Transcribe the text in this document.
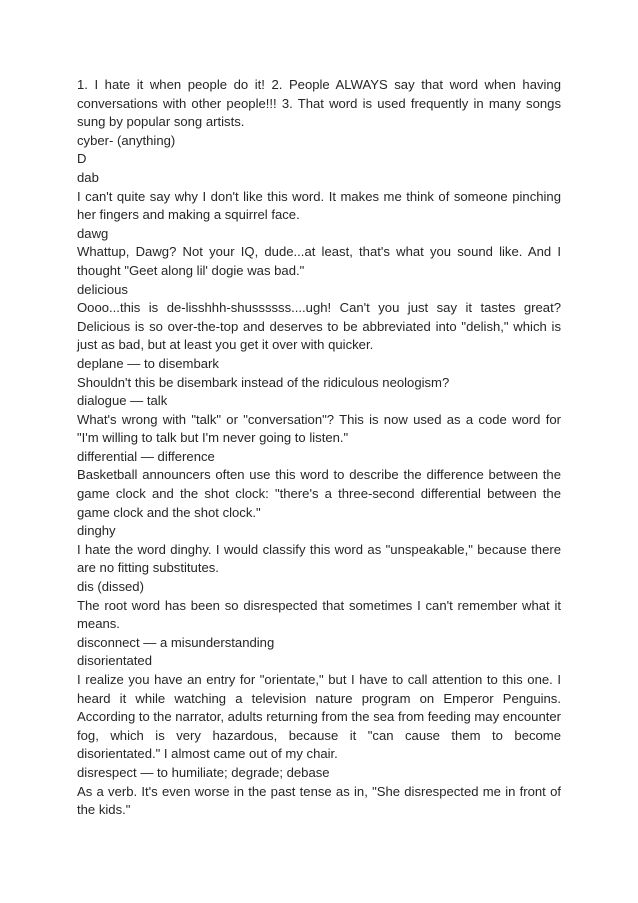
1. I hate it when people do it! 2. People ALWAYS say that word when having conversations with other people!!! 3. That word is used frequently in many songs sung by popular song artists.

cyber- (anything)

D

dab

I can't quite say why I don't like this word. It makes me think of someone pinching her fingers and making a squirrel face.

dawg

Whattup, Dawg? Not your IQ, dude...at least, that's what you sound like. And I thought "Geet along lil' dogie was bad."

delicious

Oooo...this is de-lisshhh-shussssss....ugh! Can't you just say it tastes great? Delicious is so over-the-top and deserves to be abbreviated into "delish," which is just as bad, but at least you get it over with quicker.

deplane — to disembark

Shouldn't this be disembark instead of the ridiculous neologism?

dialogue — talk

What's wrong with "talk" or "conversation"? This is now used as a code word for "I'm willing to talk but I'm never going to listen."

differential — difference

Basketball announcers often use this word to describe the difference between the game clock and the shot clock: "there's a three-second differential between the game clock and the shot clock."

dinghy

I hate the word dinghy. I would classify this word as "unspeakable," because there are no fitting substitutes.

dis (dissed)

The root word has been so disrespected that sometimes I can't remember what it means.

disconnect — a misunderstanding

disorientated

I realize you have an entry for "orientate," but I have to call attention to this one. I heard it while watching a television nature program on Emperor Penguins. According to the narrator, adults returning from the sea from feeding may encounter fog, which is very hazardous, because it "can cause them to become disorientated." I almost came out of my chair.

disrespect — to humiliate; degrade; debase

As a verb. It's even worse in the past tense as in, "She disrespected me in front of the kids."
